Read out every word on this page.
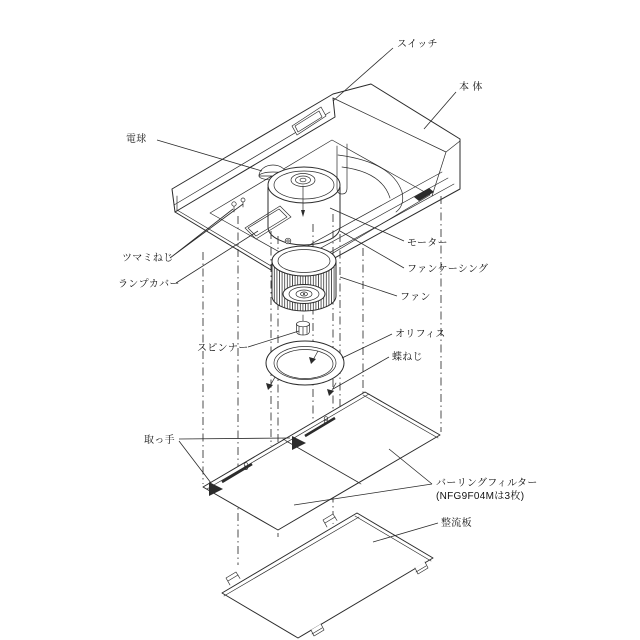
スイッチ
本 体
電球
ツマミねじ
ランプカバー
モーター
ファンケーシング
ファン
オリフィス
スピンナー
蝶ねじ
取っ手
バーリングフィルター
(NFG9F04Mは3枚)
整流板
